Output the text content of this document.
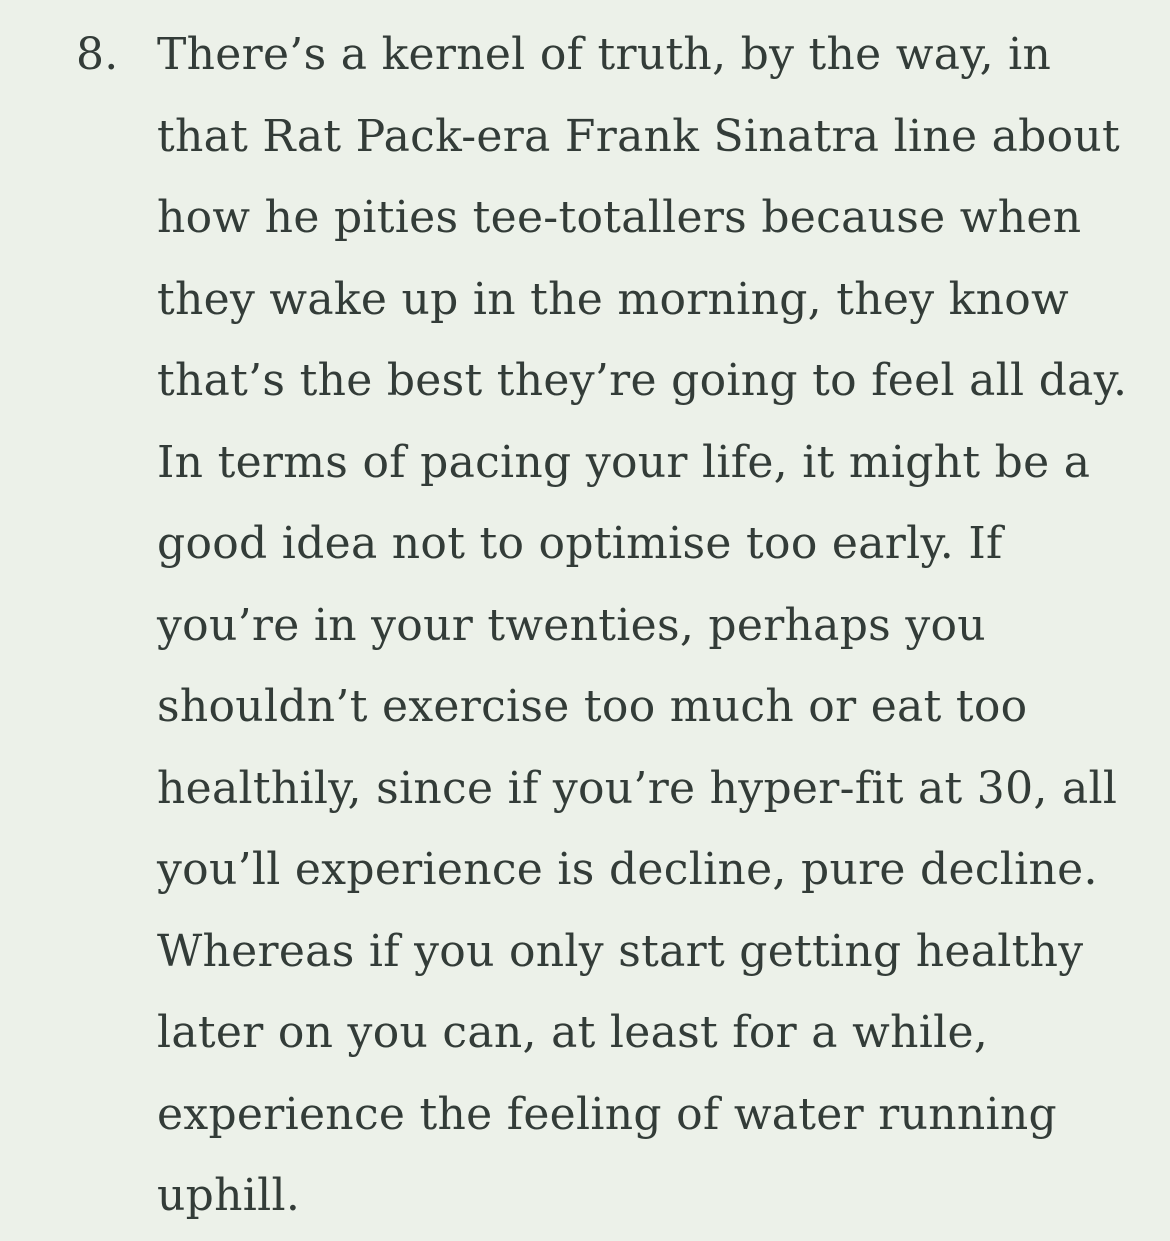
8. There’s a kernel of truth, by the way, in
that Rat Pack-era Frank Sinatra line about
how he pities tee-totallers because when
they wake up in the morning, they know
that’s the best they’re going to feel all day.
In terms of pacing your life, it might be a
good idea not to optimise too early. If
you’re in your twenties, perhaps you
shouldn’t exercise too much or eat too
healthily, since if you’re hyper-fit at 30, all
you’ll experience is decline, pure decline.
Whereas if you only start getting healthy
later on you can, at least for a while,
experience the feeling of water running
uphill.
